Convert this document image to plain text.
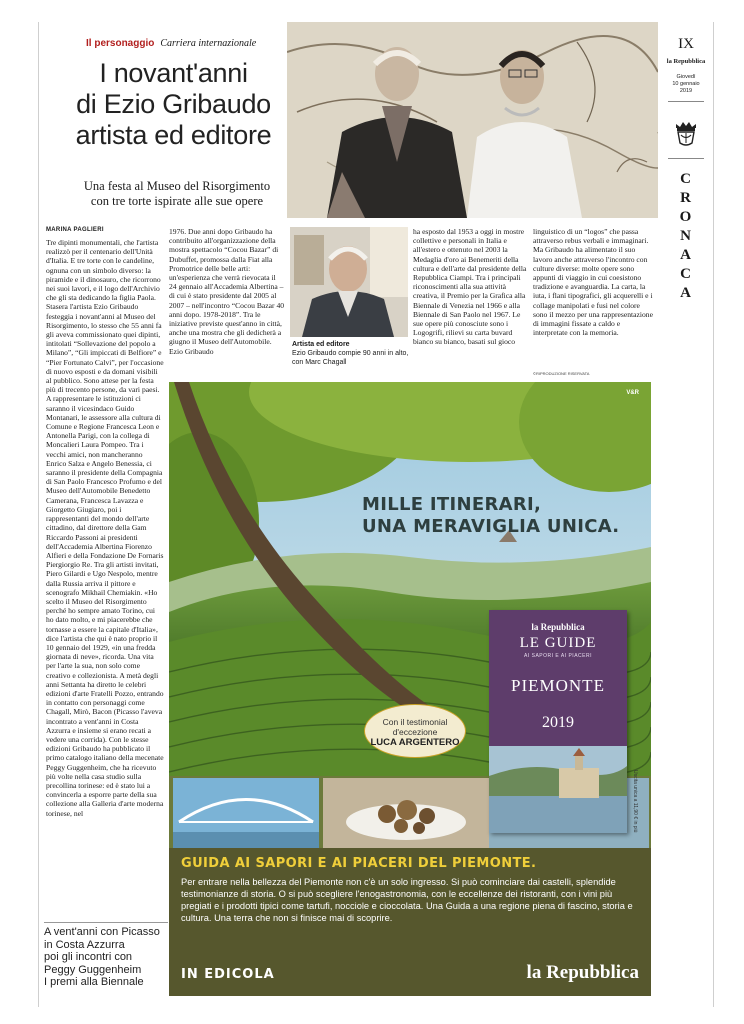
Il personaggio Carriera internazionale
I novant'anni
di Ezio Gribaudo
artista ed editore
Una festa al Museo del Risorgimento
con tre torte ispirate alle sue opere
IX
la Repubblica
Giovedì
10 gennaio
2019
C
R
O
N
A
C
A
MARINA PAGLIERI
Tre dipinti monumentali, che l'artista realizzò per il centenario dell'Unità d'Italia. E tre torte con le candeline, ognuna con un simbolo diverso: la piramide e il dinosauro, che ricorrono nei suoi lavori, e il logo dell'Archivio che gli sta dedicando la figlia Paola. Stasera l'artista Ezio Gribaudo festeggia i novant'anni al Museo del Risorgimento, lo stesso che 55 anni fa gli aveva commissionato quei dipinti, intitolati “Sollevazione del popolo a Milano”, “Gli impiccati di Belfiore” e “Pier Fortunato Calvi”, per l'occasione di nuovo esposti e da domani visibili al pubblico. Sono attese per la festa più di trecento persone, da vari paesi. A rappresentare le istituzioni ci saranno il vicesindaco Guido Montanari, le assessore alla cultura di Comune e Regione Francesca Leon e Antonella Parigi, con la collega di Moncalieri Laura Pompeo. Tra i vecchi amici, non mancheranno Enrico Salza e Angelo Benessia, ci saranno il presidente della Compagnia di San Paolo Francesco Profumo e del Museo dell'Automobile Benedetto Camerana, Francesca Lavazza e Giorgetto Giugiaro, poi i rappresentanti del mondo dell'arte cittadino, dal direttore della Gam Riccardo Passoni ai presidenti dell'Accademia Albertina Fiorenzo Alfieri e della Fondazione De Fornaris Piergiorgio Re. Tra gli artisti invitati, Piero Gilardi e Ugo Nespolo, mentre dalla Russia arriva il pittore e scenografo Mikhail Chemiakin. «Ho scelto il Museo del Risorgimento perché ho sempre amato Torino, cui ho dato molto, e mi piacerebbe che tornasse a essere la capitale d'Italia», dice l'artista che qui è nato proprio il 10 gennaio del 1929, «in una fredda giornata di neve», ricorda. Una vita per l'arte la sua, non solo come creativo e collezionista. A metà degli anni Settanta ha diretto le celebri edizioni d'arte Fratelli Pozzo, entrando in contatto con personaggi come Chagall, Mirò, Bacon (Picasso l'aveva incontrato a vent'anni in Costa Azzurra e insieme si erano recati a vedere una corrida). Con le stesse edizioni Gribaudo ha pubblicato il primo catalogo italiano della mecenate Peggy Guggenheim, che ha ricevuto più volte nella casa studio sulla precollina torinese: ed è stato lui a convincerla a esporre parte della sua collezione alla Galleria d'arte moderna torinese, nel
1976. Due anni dopo Gribaudo ha contribuito all'organizzazione della mostra spettacolo “Cocou Bazar” di Dubuffet, promossa dalla Fiat alla Promotrice delle belle arti: un'esperienza che verrà rievocata il 24 gennaio all'Accademia Albertina – di cui è stato presidente dal 2005 al 2007 – nell'incontro “Cocou Bazar 40 anni dopo. 1978-2018”. Tra le iniziative previste quest'anno in città, anche una mostra che gli dedicherà a giugno il Museo dell'Automobile. Ezio Gribaudo
ha esposto dal 1953 a oggi in mostre collettive e personali in Italia e all'estero e ottenuto nel 2003 la Medaglia d'oro ai Benemeriti della cultura e dell'arte dal presidente della Repubblica Ciampi. Tra i principali riconoscimenti alla sua attività creativa, il Premio per la Grafica alla Biennale di Venezia nel 1966 e alla Biennale di San Paolo nel 1967. Le sue opere più conosciute sono i Logogrifi, rilievi su carta buvard bianco su bianco, basati sul gioco
linguistico di un “logos” che passa attraverso rebus verbali e immaginari. Ma Gribaudo ha alimentato il suo lavoro anche attraverso l'incontro con culture diverse: molte opere sono appunti di viaggio in cui coesistono tradizione e avanguardia. La carta, la iuta, i flani tipografici, gli acquerelli e i collage manipolati e fusi nel colore sono il mezzo per una rappresentazione di immagini fissate a caldo e interpretate con la memoria.
©RIPRODUZIONE RISERVATA
Artista ed editore
Ezio Gribaudo compie 90 anni in alto, con Marc Chagall
A vent'anni con Picasso
in Costa Azzurra
poi gli incontri con
Peggy Guggenheim
I premi alla Biennale
V&R
MILLE ITINERARI,
UNA MERAVIGLIA UNICA.
Con il testimonial
d'eccezione
LUCA ARGENTERO
la Repubblica
LE GUIDE
AI SAPORI E AI PIACERI
PIEMONTE
2019
Uscita unica a 11,90 € in più
GUIDA AI SAPORI E AI PIACERI DEL PIEMONTE.
Per entrare nella bellezza del Piemonte non c'è un solo ingresso. Si può cominciare dai castelli, splendide testimonianze di storia. O si può scegliere l'enogastronomia, con le eccellenze dei ristoranti, con i vini più pregiati e i prodotti tipici come tartufi, nocciole e cioccolata. Una Guida a una regione piena di fascino, storia e cultura. Una terra che non si finisce mai di scoprire.
IN EDICOLA	la Repubblica
